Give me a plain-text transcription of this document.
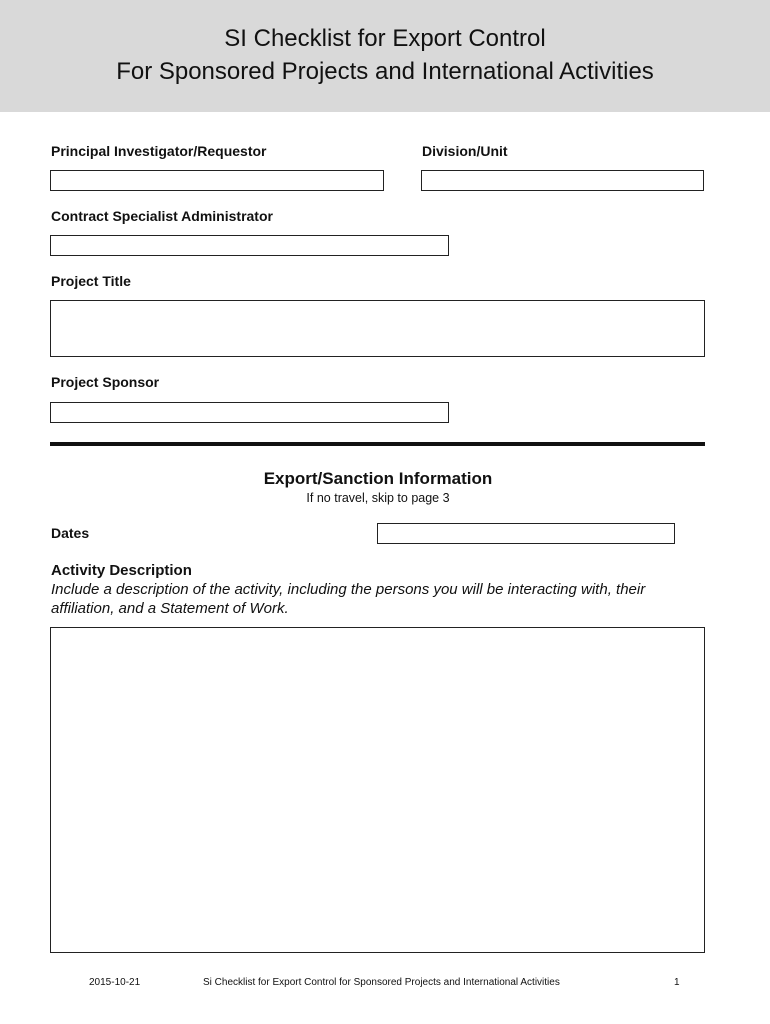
SI Checklist for Export Control
For Sponsored Projects and International Activities
Principal Investigator/Requestor	Division/Unit
Contract Specialist Administrator
Project Title
Project Sponsor
Export/Sanction Information
If no travel, skip to page 3
Dates
Activity Description
Include a description of the activity, including the persons you will be interacting with, their affiliation, and a Statement of Work.
2015-10-21	Si Checklist for Export Control for Sponsored Projects and International Activities	1
